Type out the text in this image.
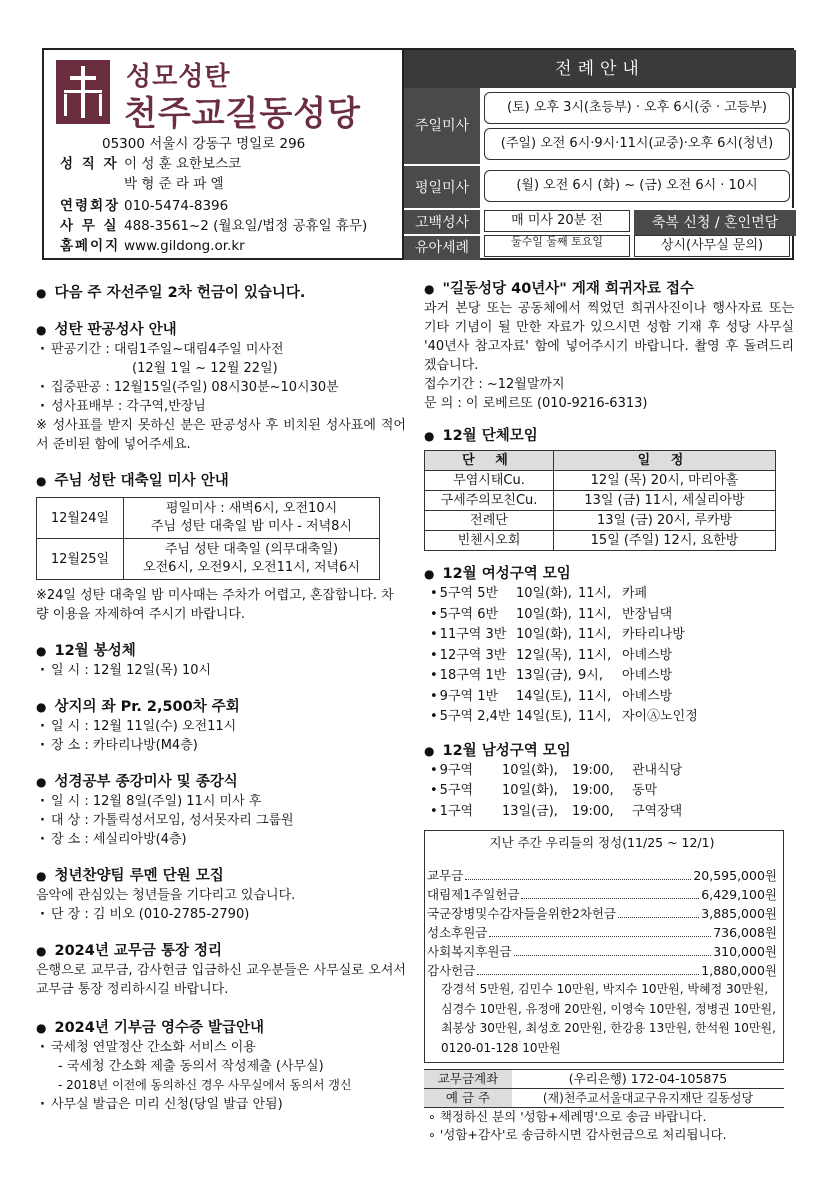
성모성탄
천주교길동성당
05300 서울시 강동구 명일로 296
성 직 자 이 성 훈 요한보스코
박 형 준 라 파 엘
연령회장 010-5474-8396
사 무 실 488-3561~2 (월요일/법정 공휴일 휴무)
홈페이지 www.gildong.or.kr
전례안내
주일미사
(토) 오후 3시(초등부) · 오후 6시(중 · 고등부)
(주일) 오전 6시·9시·11시(교중)·오후 6시(청년)
평일미사	(월) 오전 6시 (화) ~ (금) 오전 6시 · 10시
고백성사	매 미사 20분 전	축복 신청 / 혼인면담
유아세례	둘수일 둘째 토요일	상시(사무실 문의)
● 다음 주 자선주일 2차 헌금이 있습니다.
● 성탄 판공성사 안내
· 판공기간 : 대림1주일~대림4주일 미사전
(12월 1일 ~ 12월 22일)
· 집중판공 : 12월15일(주일) 08시30분~10시30분
· 성사표배부 : 각구역,반장님
※ 성사표를 받지 못하신 분은 판공성사 후 비치된 성사표에 적어서 준비된 함에 넣어주세요.
● 주님 성탄 대축일 미사 안내
12월24일	평일미사 : 새벽6시, 오전10시
주님 성탄 대축일 밤 미사 - 저녁8시

12월25일	주님 성탄 대축일 (의무대축일)
오전6시, 오전9시, 오전11시, 저녁6시
※24일 성탄 대축일 밤 미사때는 주차가 어렵고, 혼잡합니다. 차량 이용을 자제하여 주시기 바랍니다.
● 12월 봉성체
· 일 시 : 12월 12일(목) 10시
● 상지의 좌 Pr. 2,500차 주회
· 일 시 : 12월 11일(수) 오전11시
· 장 소 : 카타리나방(M4층)
● 성경공부 종강미사 및 종강식
· 일 시 : 12월 8일(주일) 11시 미사 후
· 대 상 : 가톨릭성서모임, 성서못자리 그룹원
· 장 소 : 세실리아방(4층)
● 청년찬양팀 루멘 단원 모집
음악에 관심있는 청년들을 기다리고 있습니다.
· 단 장 : 김 비오 (010-2785-2790)
● 2024년 교무금 통장 정리
은행으로 교무금, 감사헌금 입금하신 교우분들은 사무실로 오셔서 교무금 통장 정리하시길 바랍니다.
● 2024년 기부금 영수증 발급안내
· 국세청 연말정산 간소화 서비스 이용
- 국세청 간소화 제출 동의서 작성제출 (사무실)
- 2018년 이전에 동의하신 경우 사무실에서 동의서 갱신
· 사무실 발급은 미리 신청(당일 발급 안됨)
● "길동성당 40년사" 게재 희귀자료 접수
과거 본당 또는 공동체에서 찍었던 희귀사진이나 행사자료 또는 기타 기념이 될 만한 자료가 있으시면 성함 기재 후 성당 사무실 '40년사 참고자료' 함에 넣어주시기 바랍니다. 촬영 후 돌려드리겠습니다.
접수기간 : ~12월말까지
문 의 : 이 로베르또 (010-9216-6313)
● 12월 단체모임
단 체	일 정
무염시태Cu.	12일 (목) 20시, 마리아홀
구세주의모친Cu.	13일 (금) 11시, 세실리아방
전례단	13일 (금) 20시, 루카방
빈첸시오회	15일 (주일) 12시, 요한방
● 12월 여성구역 모임
• 5구역 5반	10일(화), 11시, 카페
• 5구역 6반	10일(화), 11시, 반장님댁
• 11구역 3반 10일(화), 11시, 카타리나방
• 12구역 3반 12일(목), 11시, 아녜스방
• 18구역 1반 13일(금), 9시,	아녜스방
• 9구역 1반	14일(토), 11시, 아녜스방
• 5구역 2,4반 14일(토), 11시, 자이Ⓐ노인정
● 12월 남성구역 모임
• 9구역	10일(화),	19:00,	관내식당
• 5구역	10일(화),	19:00,	동막
• 1구역	13일(금),	19:00,	구역장댁
지난 주간 우리들의 정성(11/25 ~ 12/1)
교무금	20,595,000원
대림제1주일헌금	6,429,100원
국군장병및수감자들을위한2차헌금	3,885,000원
성소후원금	736,008원
사회복지후원금	310,000원
감사헌금	1,880,000원
강경석 5만원, 김민수 10만원, 박지수 10만원, 박혜정 30만원, 심경수 10만원, 유정애 20만원, 이영숙 10만원, 정병권 10만원, 최봉상 30만원, 최성호 20만원, 한강용 13만원, 한석원 10만원, 0120-01-128 10만원
교무금계좌	(우리은행) 172-04-105875
예 금 주	(재)천주교서울대교구유지재단 길동성당
∘ 책정하신 분의 '성함+세례명'으로 송금 바랍니다.
∘ '성함+감사'로 송금하시면 감사헌금으로 처리됩니다.
